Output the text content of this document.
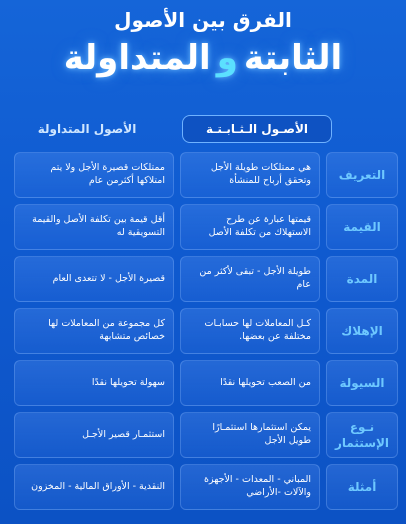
الفرق بين الأصول
الثابتةوالمتداولة
الأصـول الـثـابـتـة
الأصول المتداولة
التعريف
هي ممتلكات طويلة الأجل وتحقق أرباح للمنشأة
ممتلكات قصيرة الأجل ولا يتم امتلاكها أكثرمن عام
القيمة
قيمتها عبارة عن طرح الاستهلاك من تكلفة الأصل
أقل قيمة بين تكلفة الأصل والقيمة التسويقية له
المدة
طويلة الأجل - تبقى لأكثر من عام
قصيرة الأجل - لا تتعدى العام
الإهلاك
كـل المعاملات لها حسابـات مختلفة عن بعضها.
كل مجموعة من المعاملات لها خصائص متشابهة
السيولة
من الصعب تحويلها نقدًا
سهولة تحويلها نقدًا
نـوع الإستثمار
يمكن استثمارها استثمـارًا طويل الأجل
استثمـار قصير الأجـل
أمثلة
المباني - المعدات - الأجهزة والآلات -الأراضي
النقدية - الأوراق المالية - المخزون
